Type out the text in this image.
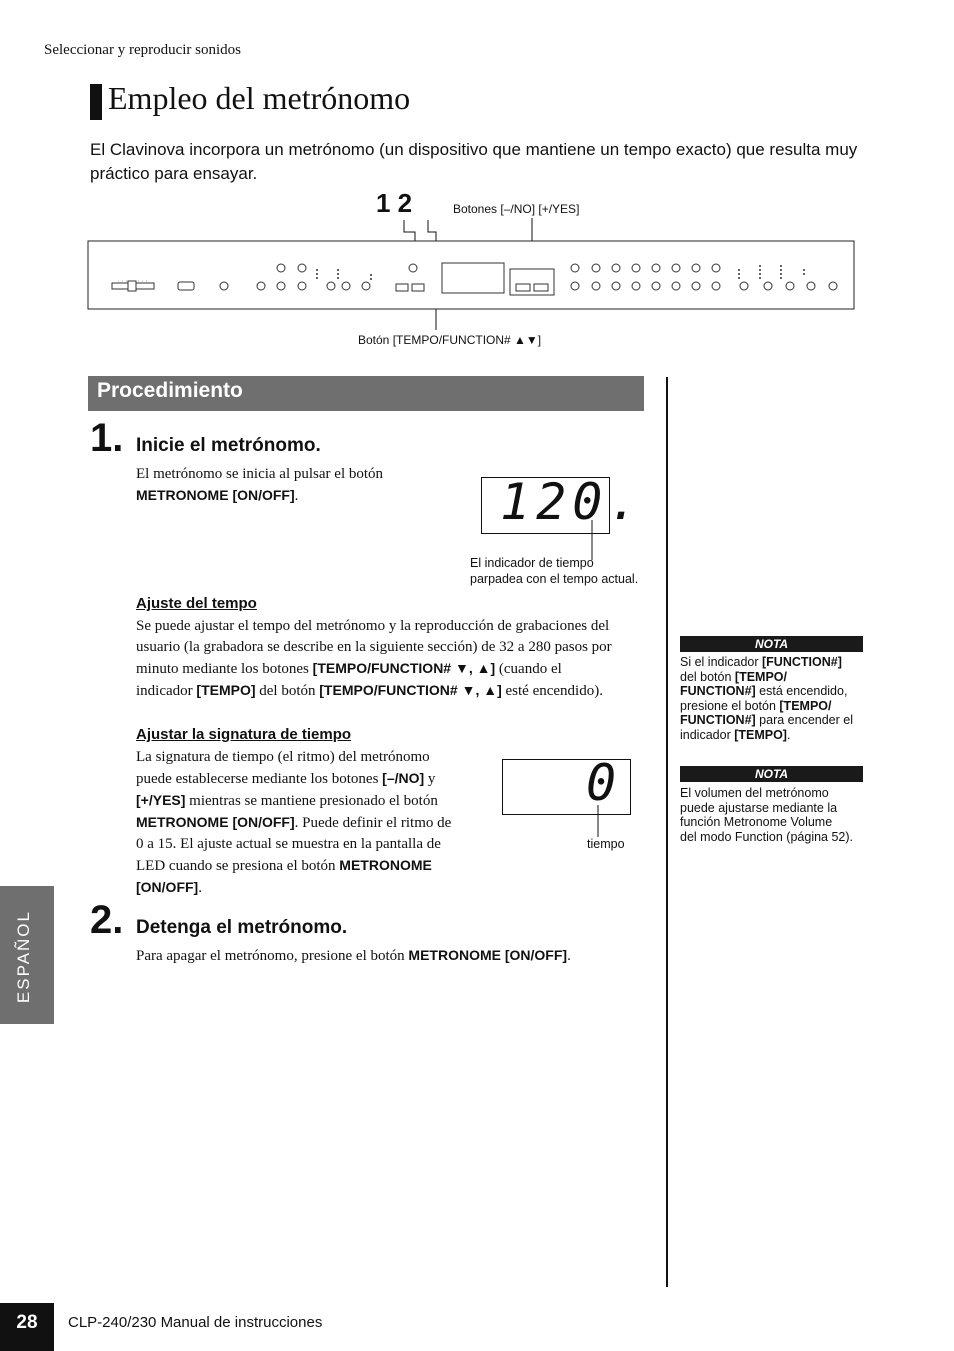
Seleccionar y reproducir sonidos
Empleo del metrónomo
El Clavinova incorpora un metrónomo (un dispositivo que mantiene un tempo exacto) que resulta muy práctico para ensayar.
1 2	Botones [–/NO] [+/YES]
Botón [TEMPO/FUNCTION# ▲▼]
Procedimiento
1. Inicie el metrónomo.
El metrónomo se inicia al pulsar el botón
METRONOME [ON/OFF].	120.
El indicador de tiempo
parpadea con el tempo actual.
Ajuste del tempo
Se puede ajustar el tempo del metrónomo y la reproducción de grabaciones del
usuario (la grabadora se describe en la siguiente sección) de 32 a 280 pasos por
minuto mediante los botones [TEMPO/FUNCTION# ▼, ▲] (cuando el
indicador [TEMPO] del botón [TEMPO/FUNCTION# ▼, ▲] esté encendido).
Ajustar la signatura de tiempo
La signatura de tiempo (el ritmo) del metrónomo
puede establecerse mediante los botones [–/NO] y
[+/YES] mientras se mantiene presionado el botón
METRONOME [ON/OFF]. Puede definir el ritmo de
0 a 15. El ajuste actual se muestra en la pantalla de
LED cuando se presiona el botón METRONOME
[ON/OFF].
0
tiempo
2. Detenga el metrónomo.
Para apagar el metrónomo, presione el botón METRONOME [ON/OFF].
NOTA
Si el indicador [FUNCTION#]
del botón [TEMPO/
FUNCTION#] está encendido,
presione el botón [TEMPO/
FUNCTION#] para encender el
indicador [TEMPO].
NOTA
El volumen del metrónomo
puede ajustarse mediante la
función Metronome Volume
del modo Function (página 52).
ESPAÑOL
28	CLP-240/230 Manual de instrucciones
